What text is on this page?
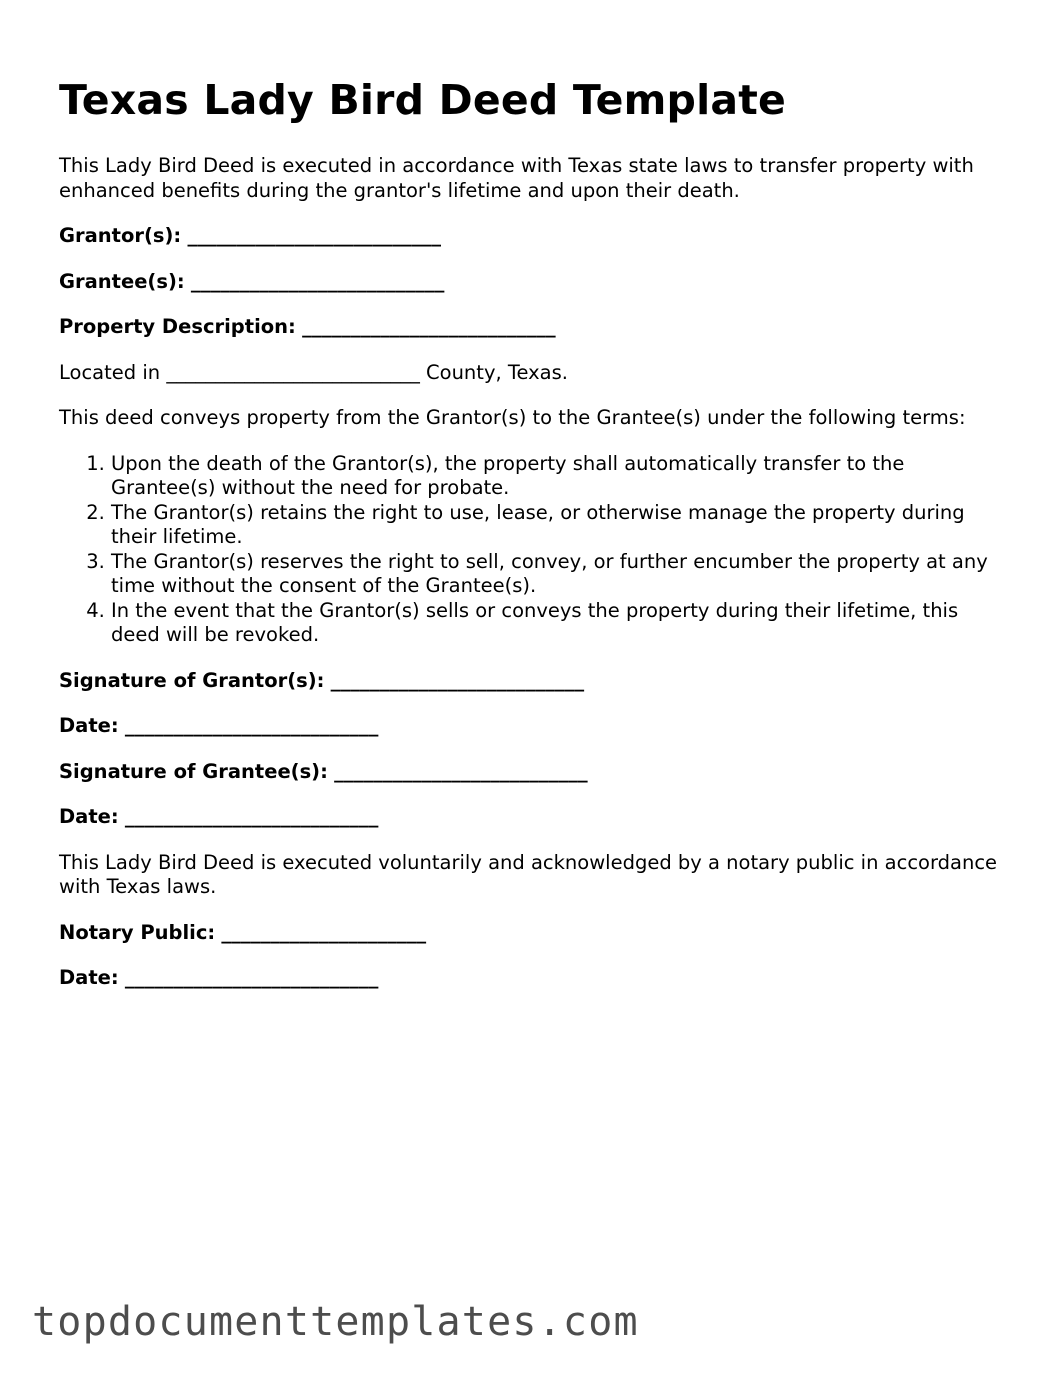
Texas Lady Bird Deed Template

This Lady Bird Deed is executed in accordance with Texas state laws to transfer property with enhanced benefits during the grantor's lifetime and upon their death.

Grantor(s): __________________________

Grantee(s): __________________________

Property Description: __________________________

Located in __________________________ County, Texas.

This deed conveys property from the Grantor(s) to the Grantee(s) under the following terms:

1. Upon the death of the Grantor(s), the property shall automatically transfer to the Grantee(s) without the need for probate.
2. The Grantor(s) retains the right to use, lease, or otherwise manage the property during their lifetime.
3. The Grantor(s) reserves the right to sell, convey, or further encumber the property at any time without the consent of the Grantee(s).
4. In the event that the Grantor(s) sells or conveys the property during their lifetime, this deed will be revoked.

Signature of Grantor(s): __________________________

Date: __________________________

Signature of Grantee(s): __________________________

Date: __________________________

This Lady Bird Deed is executed voluntarily and acknowledged by a notary public in accordance with Texas laws.

Notary Public: _____________________

Date: __________________________

topdocumenttemplates.com
